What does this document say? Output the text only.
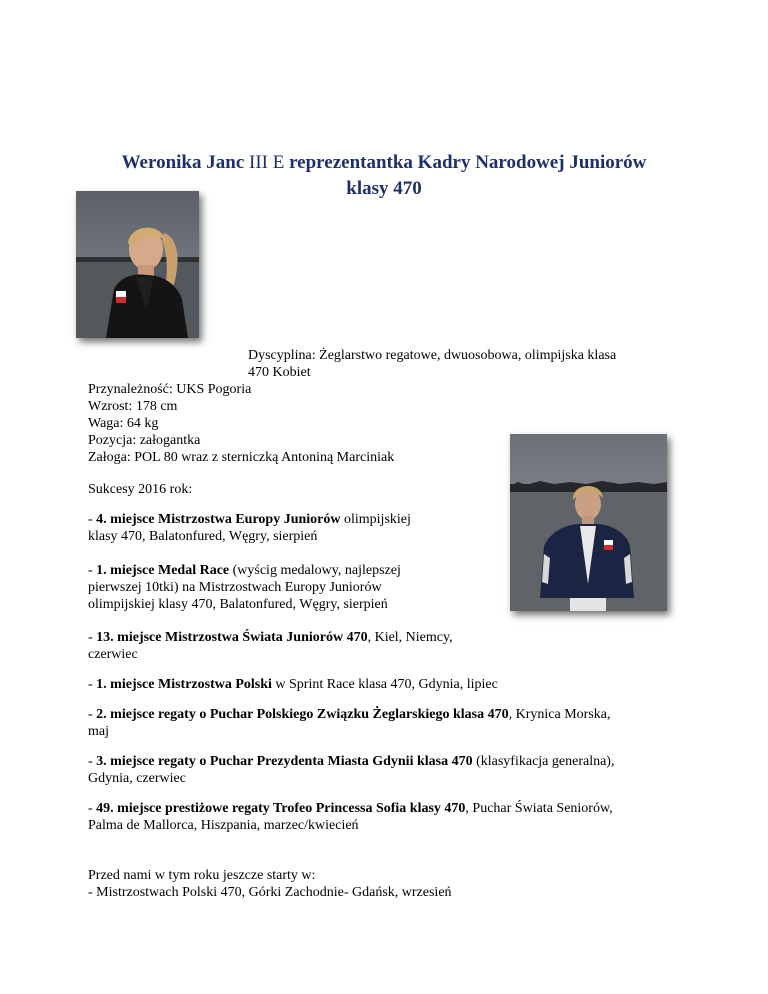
Weronika Janc III E reprezentantka Kadry Narodowej Juniorów
klasy 470

Dyscyplina: Żeglarstwo regatowe, dwuosobowa, olimpijska klasa

470 Kobiet

Przynależność: UKS Pogoria

Wzrost: 178 cm

Waga: 64 kg

Pozycja: załogantka

Załoga: POL 80 wraz z sterniczką Antoniną Marciniak

Sukcesy 2016 rok:

- 4. miejsce Mistrzostwa Europy Juniorów olimpijskiej
klasy 470, Balatonfured, Węgry, sierpień
- 1. miejsce Medal Race (wyścig medalowy, najlepszej
pierwszej 10tki) na Mistrzostwach Europy Juniorów
olimpijskiej klasy 470, Balatonfured, Węgry, sierpień
- 13. miejsce Mistrzostwa Świata Juniorów 470, Kiel, Niemcy,
czerwiec
- 1. miejsce Mistrzostwa Polski w Sprint Race klasa 470, Gdynia, lipiec
- 2. miejsce regaty o Puchar Polskiego Związku Żeglarskiego klasa 470, Krynica Morska,
maj
- 3. miejsce regaty o Puchar Prezydenta Miasta Gdynii klasa 470 (klasyfikacja generalna),
Gdynia, czerwiec
- 49. miejsce prestiżowe regaty Trofeo Princessa Sofia klasy 470, Puchar Świata Seniorów,
Palma de Mallorca, Hiszpania, marzec/kwiecień

Przed nami w tym roku jeszcze starty w:

- Mistrzostwach Polski 470, Górki Zachodnie- Gdańsk, wrzesień
